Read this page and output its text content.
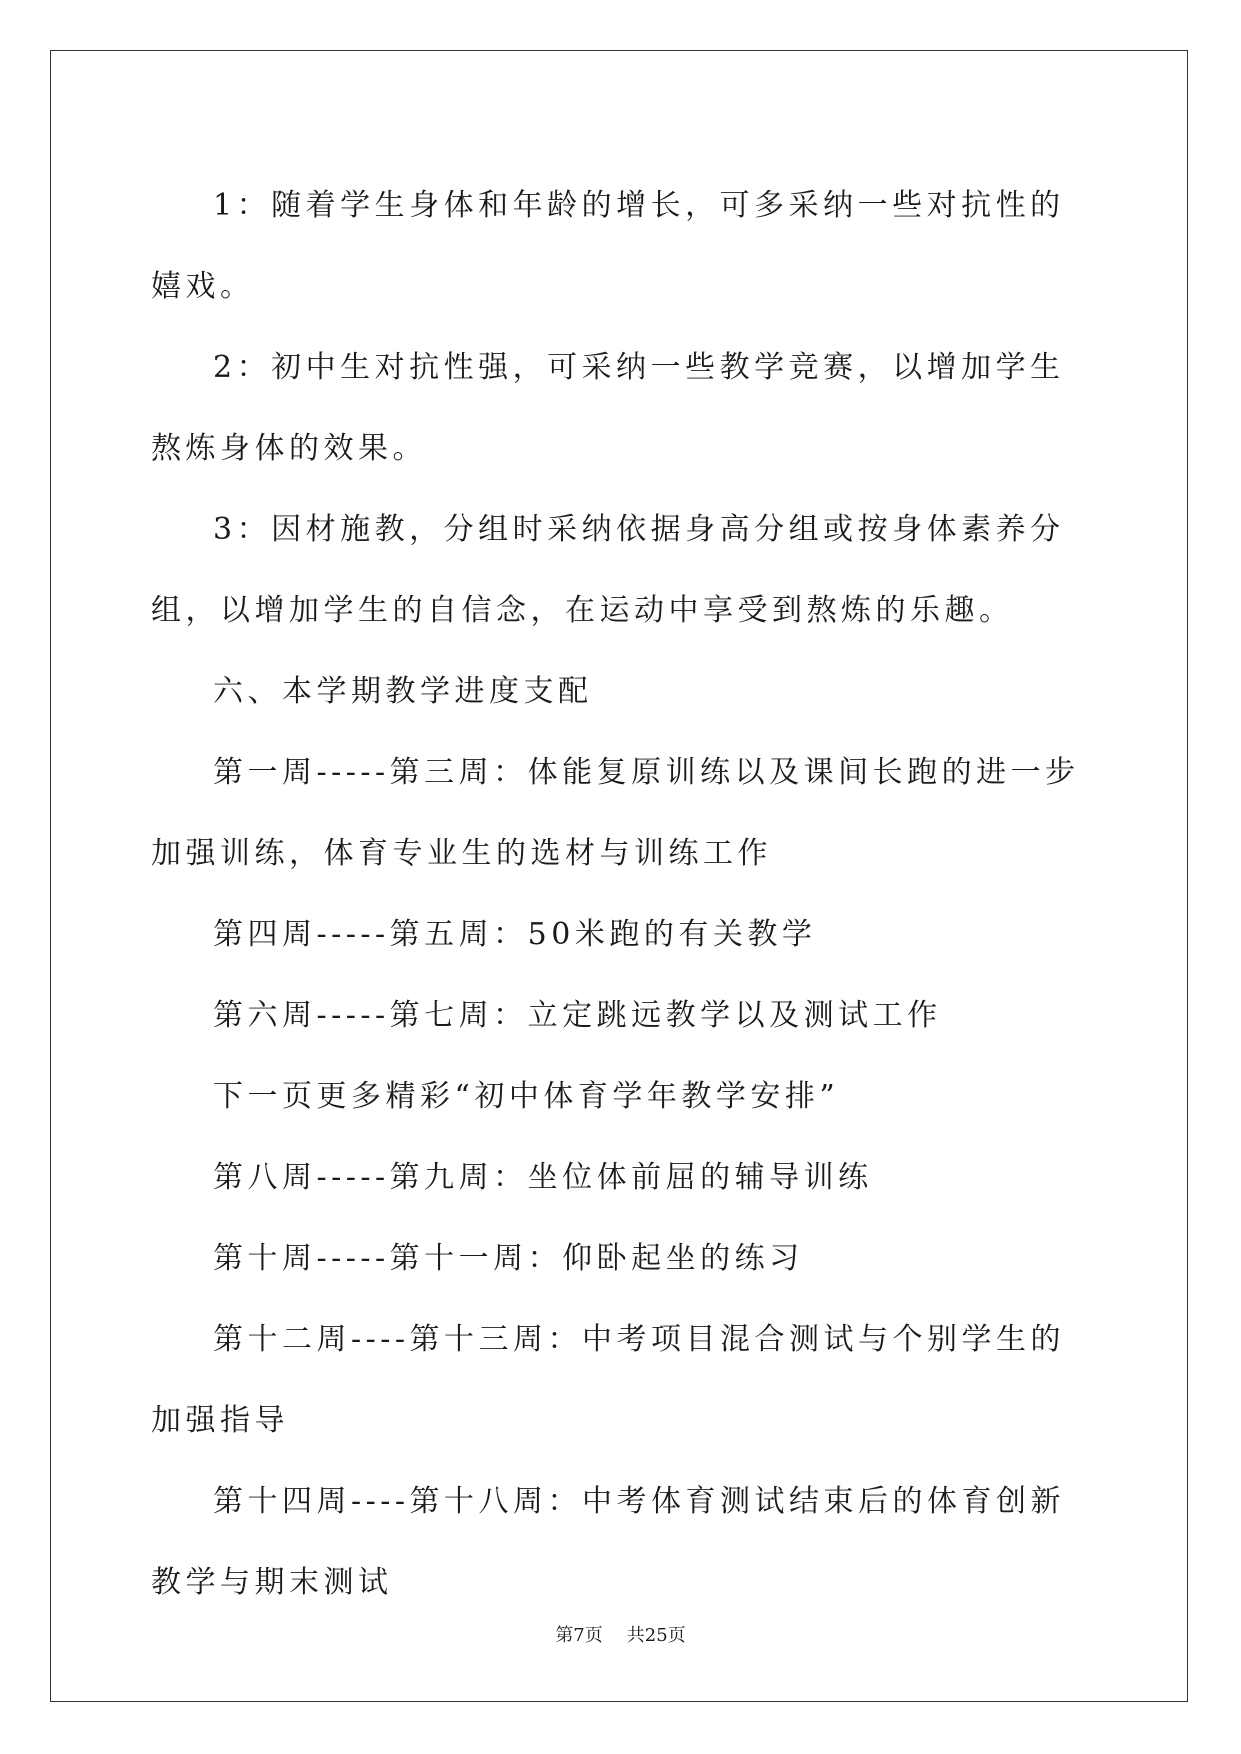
1：随着学生身体和年龄的增长，可多采纳一些对抗性的嬉戏。

2：初中生对抗性强，可采纳一些教学竞赛，以增加学生熬炼身体的效果。

3：因材施教，分组时采纳依据身高分组或按身体素养分组，以增加学生的自信念，在运动中享受到熬炼的乐趣。

六、本学期教学进度支配

第一周-----第三周：体能复原训练以及课间长跑的进一步加强训练，体育专业生的选材与训练工作

第四周-----第五周：50米跑的有关教学

第六周-----第七周：立定跳远教学以及测试工作

下一页更多精彩“初中体育学年教学安排”

第八周-----第九周：坐位体前屈的辅导训练

第十周-----第十一周：仰卧起坐的练习

第十二周----第十三周：中考项目混合测试与个别学生的加强指导

第十四周----第十八周：中考体育测试结束后的体育创新教学与期末测试

第7页 共25页
